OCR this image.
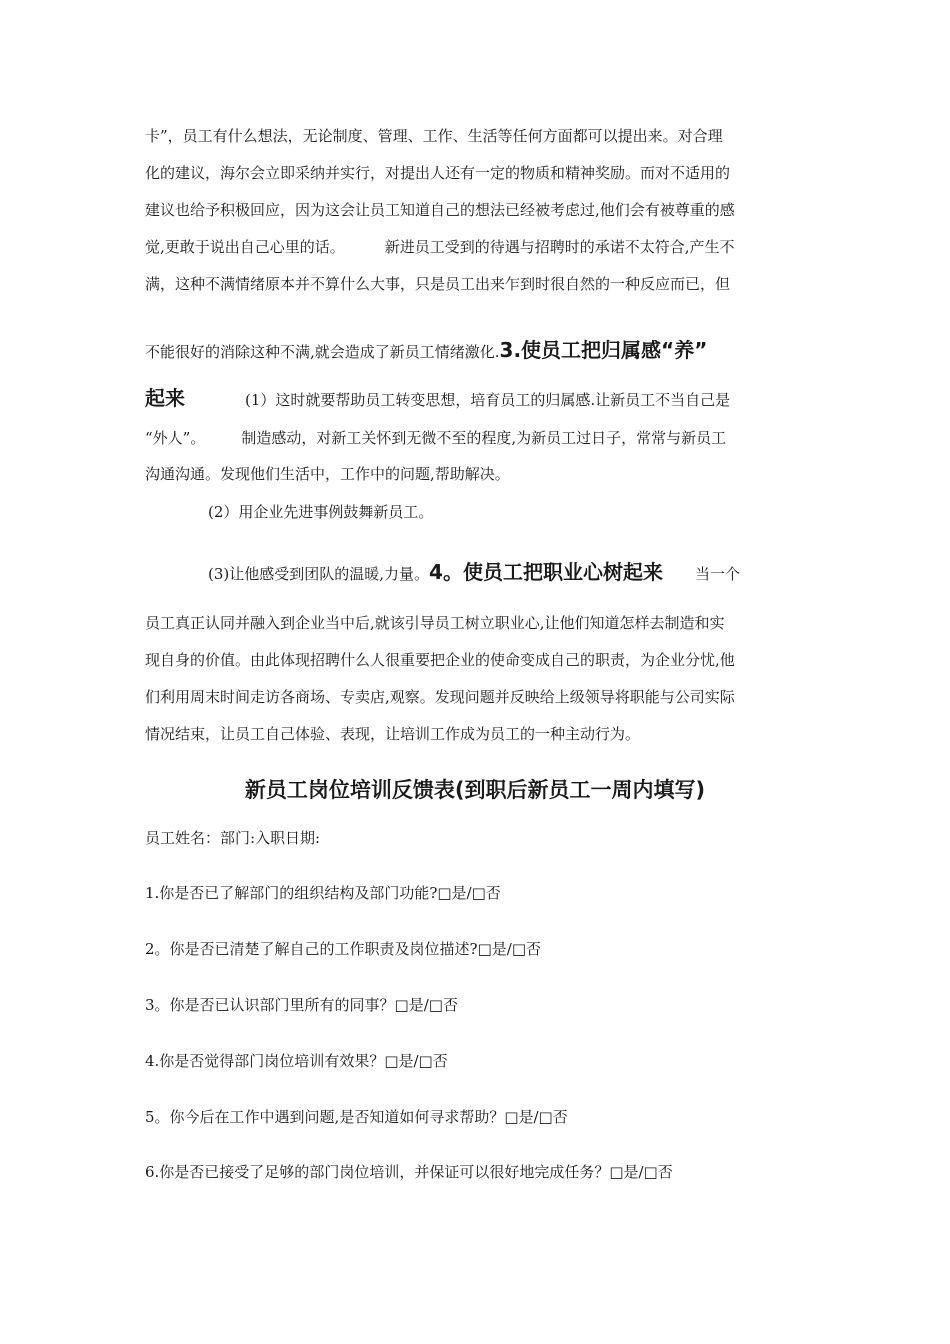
卡”，员工有什么想法，无论制度、管理、工作、生活等任何方面都可以提出来。对合理
化的建议，海尔会立即采纳并实行，对提出人还有一定的物质和精神奖励。而对不适用的
建议也给予积极回应，因为这会让员工知道自己的想法已经被考虑过,他们会有被尊重的感
觉,更敢于说出自己心里的话。	新进员工受到的待遇与招聘时的承诺不太符合,产生不
满，这种不满情绪原本并不算什么大事，只是员工出来乍到时很自然的一种反应而已，但
不能很好的消除这种不满,就会造成了新员工情绪激化.3.使员工把归属感“养”
起来	(1）这时就要帮助员工转变思想，培育员工的归属感.让新员工不当自己是
“外人”。 制造感动，对新工关怀到无微不至的程度,为新员工过日子，常常与新员工
沟通沟通。发现他们生活中，工作中的问题,帮助解决。
(2）用企业先进事例鼓舞新员工。
(3)让他感受到团队的温暖,力量。4。使员工把职业心树起来 当一个
员工真正认同并融入到企业当中后,就该引导员工树立职业心,让他们知道怎样去制造和实
现自身的价值。由此体现招聘什么人很重要把企业的使命变成自己的职责，为企业分忧,他
们利用周末时间走访各商场、专卖店,观察。发现问题并反映给上级领导将职能与公司实际
情况结束，让员工自己体验、表现，让培训工作成为员工的一种主动行为。
新员工岗位培训反馈表(到职后新员工一周内填写)
员工姓名：部门:入职日期:
1.你是否已了解部门的组织结构及部门功能?□是/□否
2。你是否已清楚了解自己的工作职责及岗位描述?□是/□否
3。你是否已认识部门里所有的同事？□是/□否
4.你是否觉得部门岗位培训有效果？□是/□否
5。你今后在工作中遇到问题,是否知道如何寻求帮助？□是/□否
6.你是否已接受了足够的部门岗位培训，并保证可以很好地完成任务？□是/□否
